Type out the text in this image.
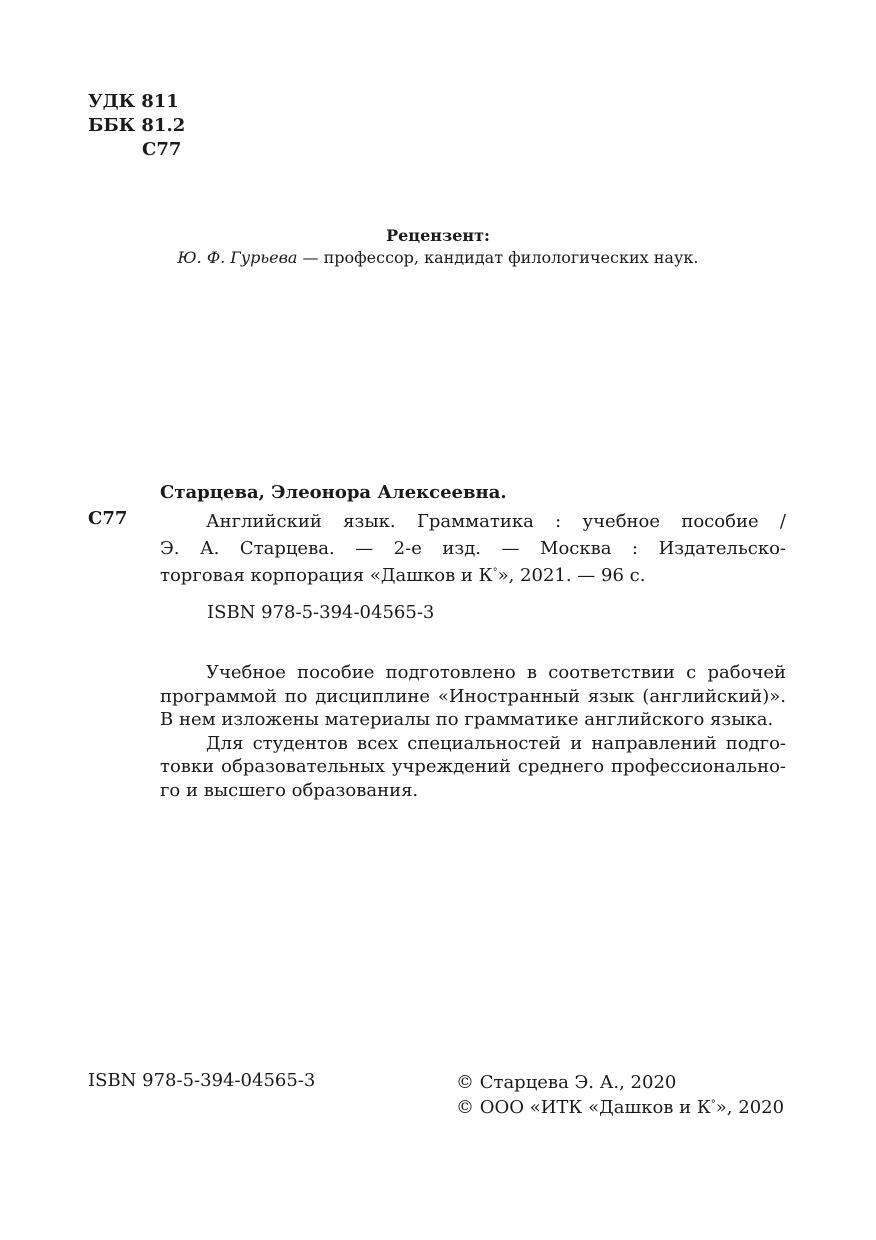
УДК 811
ББК 81.2
С77
Рецензент:
Ю. Ф. Гурьева — профессор, кандидат филологических наук.
Старцева, Элеонора Алексеевна.
С77	Английский язык. Грамматика : учебное пособие /
Э. А. Старцева. — 2-е изд. — Москва : Издательско-
торговая корпорация «Дашков и К°», 2021. — 96 с.
ISBN 978-5-394-04565-3
Учебное пособие подготовлено в соответствии с рабочей
программой по дисциплине «Иностранный язык (английский)».
В нем изложены материалы по грамматике английского языка.
Для студентов всех специальностей и направлений подго-
товки образовательных учреждений среднего профессионально-
го и высшего образования.
ISBN 978-5-394-04565-3	© Старцева Э. А., 2020
© ООО «ИТК «Дашков и К°», 2020
